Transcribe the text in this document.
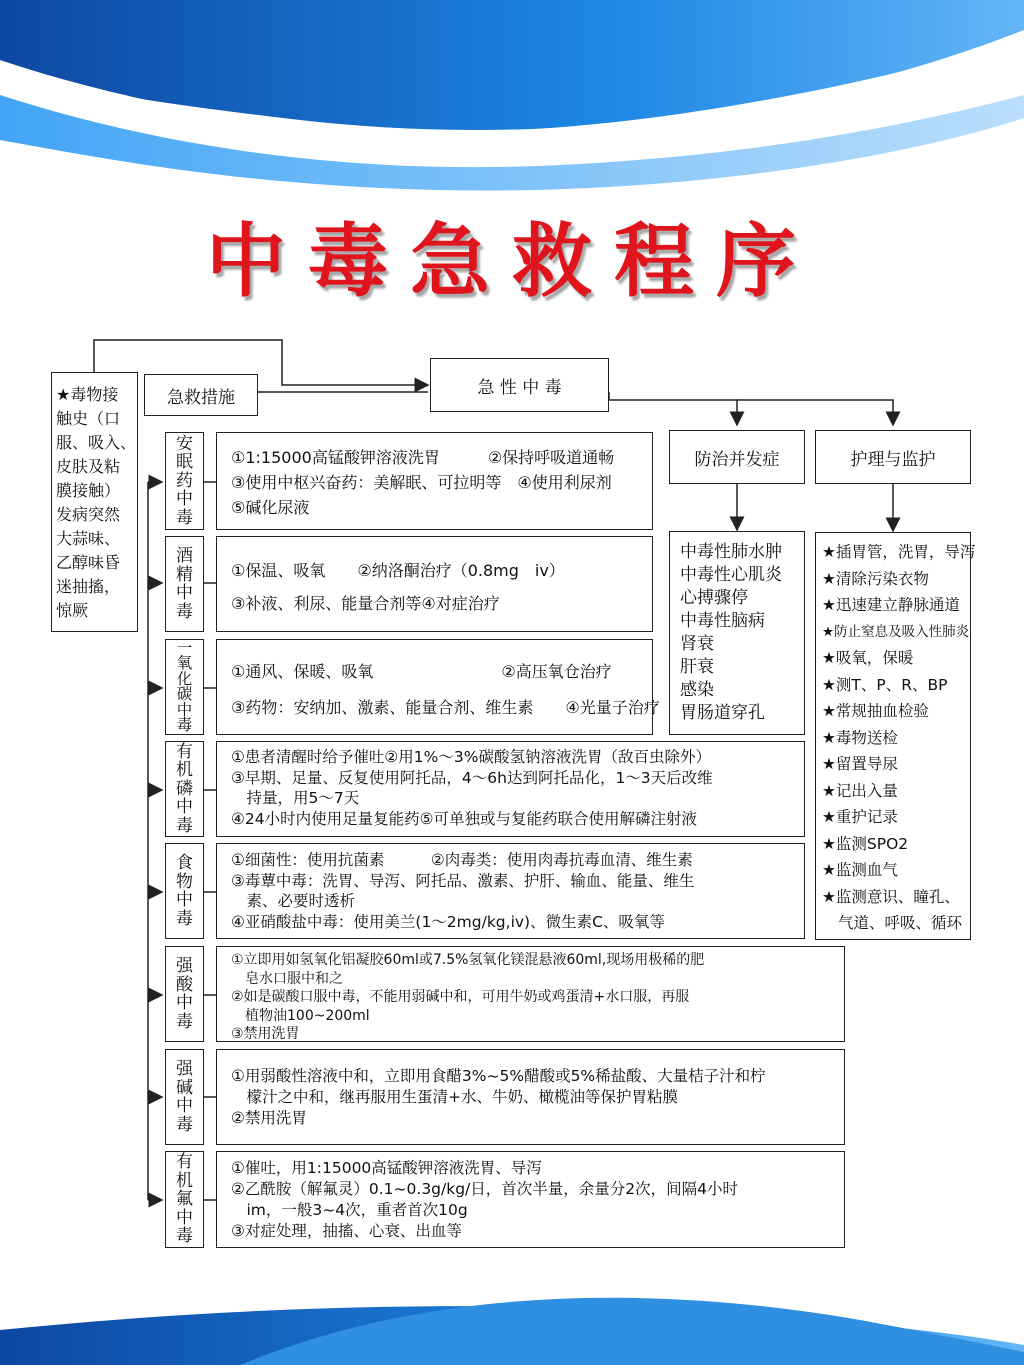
中毒急救程序
★毒物接
触史（口
服、吸入、
皮肤及粘
膜接触）
发病突然
大蒜味、
乙醇味昏
迷抽搐，
惊厥
急救措施	急 性 中 毒
防治并发症	护理与监护
中毒性肺水肿
中毒性心肌炎
心搏骤停
中毒性脑病
肾衰
肝衰
感染
胃肠道穿孔
★插胃管，洗胃，导泻
★清除污染衣物
★迅速建立静脉通道
★防止窒息及吸入性肺炎
★吸氧，保暖
★测T、P、R、BP
★常规抽血检验
★毒物送检
★留置导尿
★记出入量
★重护记录
★监测SPO2
★监测血气
★监测意识、瞳孔、
气道、呼吸、循环
安
眠
药
中
毒
①1:15000高锰酸钾溶液洗胃　　　②保持呼吸道通畅
③使用中枢兴奋药：美解眠、可拉明等　④使用利尿剂
⑤碱化尿液
酒
精
中
毒
①保温、吸氧　　②纳洛酮治疗（0.8mg　iv）
③补液、利尿、能量合剂等④对症治疗
一
氧
化
碳
中
毒
①通风、保暖、吸氧　　　　　　　　②高压氧仓治疗
③药物：安纳加、激素、能量合剂、维生素　　④光量子治疗
有
机
磷
中
毒
①患者清醒时给予催吐②用1%～3%碳酸氢钠溶液洗胃（敌百虫除外）
③早期、足量、反复使用阿托品，4～6h达到阿托品化，1～3天后改维
　持量，用5～7天
④24小时内使用足量复能药⑤可单独或与复能药联合使用解磷注射液
食
物
中
毒
①细菌性：使用抗菌素　　　②肉毒类：使用肉毒抗毒血清、维生素
③毒蕈中毒：洗胃、导泻、阿托品、激素、护肝、输血、能量、维生
　素、必要时透析
④亚硝酸盐中毒：使用美兰(1～2mg/kg,iv)、微生素C、吸氧等
强
酸
中
毒
①立即用如氢氧化铝凝胶60ml或7.5%氢氧化镁混悬液60ml,现场用极稀的肥
　皂水口服中和之
②如是碳酸口服中毒，不能用弱碱中和，可用牛奶或鸡蛋清+水口服，再服
　植物油100~200ml
③禁用洗胃
强
碱
中
毒
①用弱酸性溶液中和，立即用食醋3%~5%醋酸或5%稀盐酸、大量桔子汁和柠
　檬汁之中和，继再服用生蛋清+水、牛奶、橄榄油等保护胃粘膜
②禁用洗胃
有
机
氟
中
毒
①催吐，用1:15000高锰酸钾溶液洗胃、导泻
②乙酰胺（解氟灵）0.1~0.3g/kg/日，首次半量，余量分2次，间隔4小时
　im，一般3~4次，重者首次10g
③对症处理，抽搐、心衰、出血等
